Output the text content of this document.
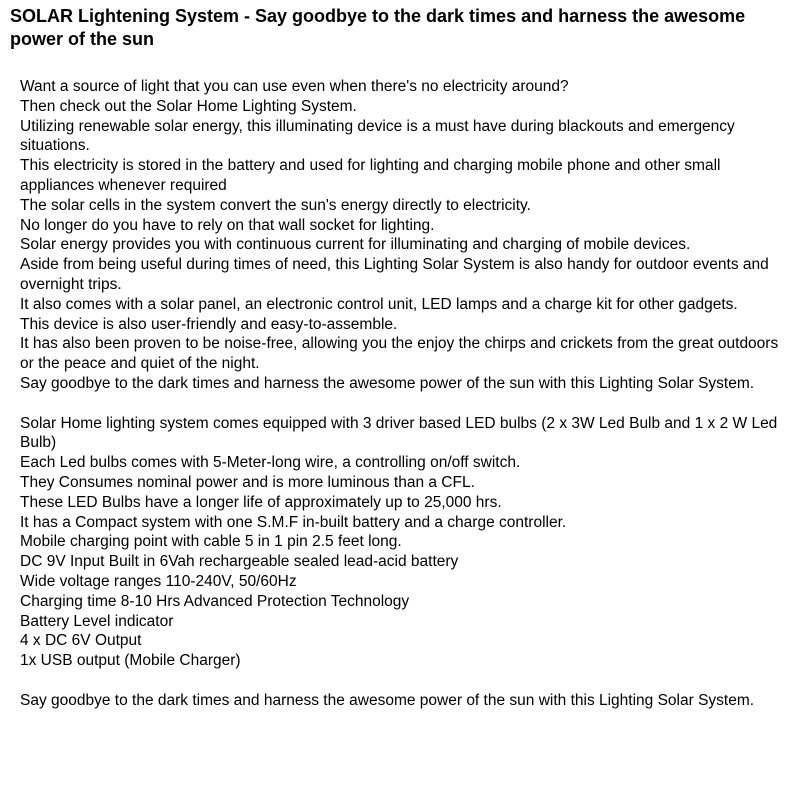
SOLAR Lightening System - Say goodbye to the dark times and harness the awesome power of the sun

Want a source of light that you can use even when there's no electricity around?

Then check out the Solar Home Lighting System.

Utilizing renewable solar energy, this illuminating device is a must have during blackouts and emergency situations.

This electricity is stored in the battery and used for lighting and charging mobile phone and other small appliances whenever required

The solar cells in the system convert the sun's energy directly to electricity.

No longer do you have to rely on that wall socket for lighting.

Solar energy provides you with continuous current for illuminating and charging of mobile devices.

Aside from being useful during times of need, this Lighting Solar System is also handy for outdoor events and overnight trips.

It also comes with a solar panel, an electronic control unit, LED lamps and a charge kit for other gadgets.

This device is also user-friendly and easy-to-assemble.

It has also been proven to be noise-free, allowing you the enjoy the chirps and crickets from the great outdoors or the peace and quiet of the night.

Say goodbye to the dark times and harness the awesome power of the sun with this Lighting Solar System.

Solar Home lighting system comes equipped with 3 driver based LED bulbs (2 x 3W Led Bulb and 1 x 2 W Led Bulb)

Each Led bulbs comes with 5-Meter-long wire, a controlling on/off switch.

They Consumes nominal power and is more luminous than a CFL.

These LED Bulbs have a longer life of approximately up to 25,000 hrs.

It has a Compact system with one S.M.F in-built battery and a charge controller.

Mobile charging point with cable 5 in 1 pin 2.5 feet long.

DC 9V Input Built in 6Vah rechargeable sealed lead-acid battery

Wide voltage ranges 110-240V, 50/60Hz

Charging time 8-10 Hrs Advanced Protection Technology

Battery Level indicator

4 x DC 6V Output

1x USB output (Mobile Charger)

Say goodbye to the dark times and harness the awesome power of the sun with this Lighting Solar System.
